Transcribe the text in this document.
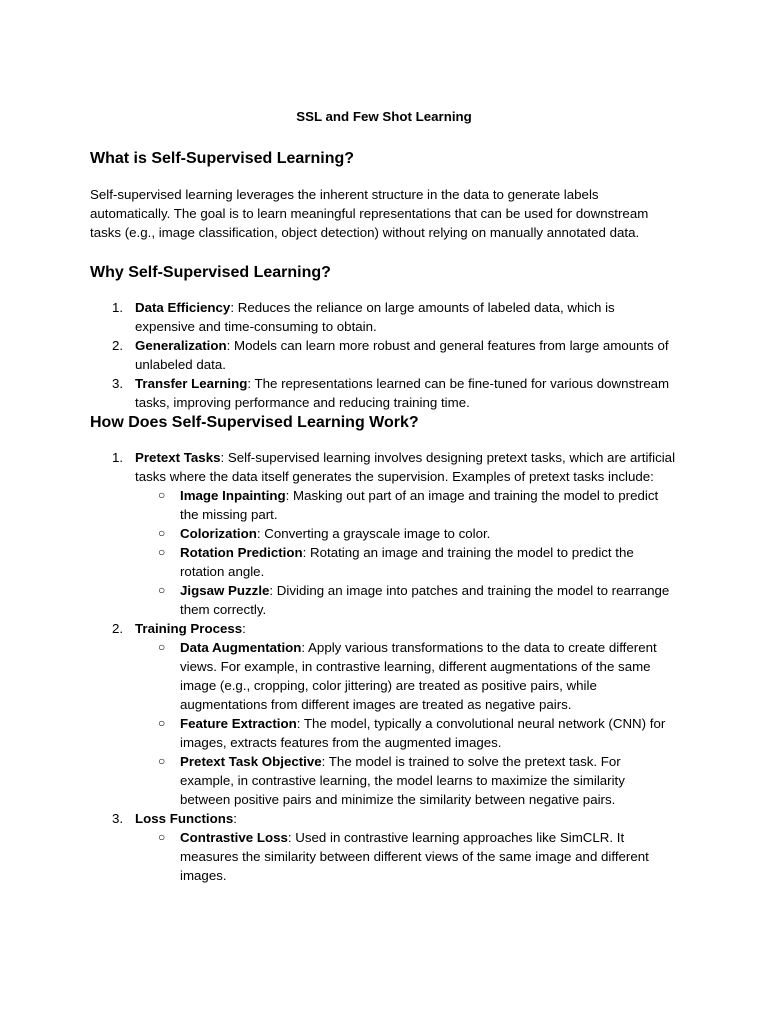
SSL and Few Shot Learning
What is Self-Supervised Learning?

Self-supervised learning leverages the inherent structure in the data to generate labels automatically. The goal is to learn meaningful representations that can be used for downstream tasks (e.g., image classification, object detection) without relying on manually annotated data.

Why Self-Supervised Learning?
1. Data Efficiency: Reduces the reliance on large amounts of labeled data, which is expensive and time-consuming to obtain.
2. Generalization: Models can learn more robust and general features from large amounts of unlabeled data.
3. Transfer Learning: The representations learned can be fine-tuned for various downstream tasks, improving performance and reducing training time.
How Does Self-Supervised Learning Work?
1. Pretext Tasks: Self-supervised learning involves designing pretext tasks, which are artificial tasks where the data itself generates the supervision. Examples of pretext tasks include:
○ Image Inpainting: Masking out part of an image and training the model to predict the missing part.
○ Colorization: Converting a grayscale image to color.
○ Rotation Prediction: Rotating an image and training the model to predict the rotation angle.
○ Jigsaw Puzzle: Dividing an image into patches and training the model to rearrange them correctly.
2. Training Process:
○ Data Augmentation: Apply various transformations to the data to create different views. For example, in contrastive learning, different augmentations of the same image (e.g., cropping, color jittering) are treated as positive pairs, while augmentations from different images are treated as negative pairs.
○ Feature Extraction: The model, typically a convolutional neural network (CNN) for images, extracts features from the augmented images.
○ Pretext Task Objective: The model is trained to solve the pretext task. For example, in contrastive learning, the model learns to maximize the similarity between positive pairs and minimize the similarity between negative pairs.
3. Loss Functions:
○ Contrastive Loss: Used in contrastive learning approaches like SimCLR. It measures the similarity between different views of the same image and different images.
